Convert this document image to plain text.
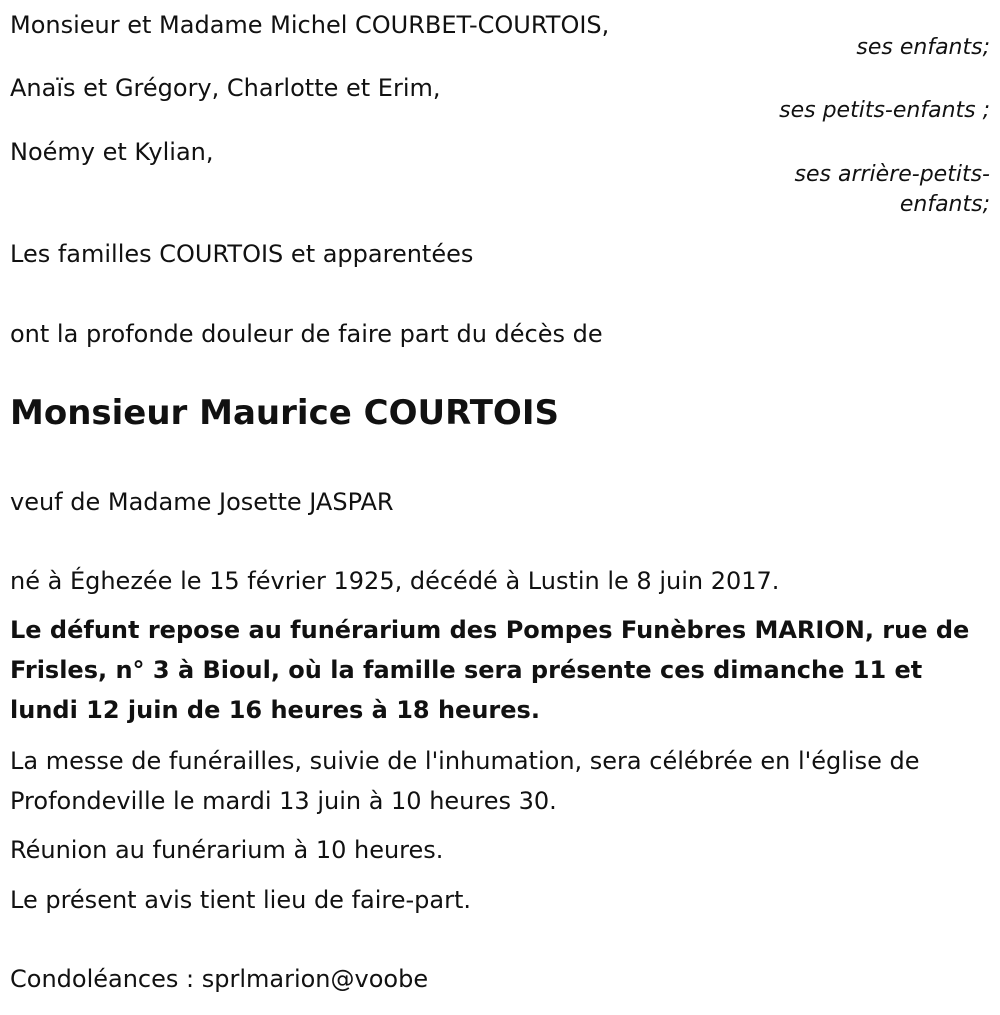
Monsieur et Madame Michel COURBET-COURTOIS,
ses enfants;
Anaïs et Grégory, Charlotte et Erim,
ses petits-enfants ;
Noémy et Kylian,
ses arrière-petits-enfants;
Les familles COURTOIS et apparentées
ont la profonde douleur de faire part du décès de
Monsieur Maurice COURTOIS
veuf de Madame Josette JASPAR
né à Éghezée le 15 février 1925, décédé à Lustin le 8 juin 2017.
Le défunt repose au funérarium des Pompes Funèbres MARION, rue de Frisles, n° 3 à Bioul, où la famille sera présente ces dimanche 11 et lundi 12 juin de 16 heures à 18 heures.
La messe de funérailles, suivie de l'inhumation, sera célébrée en l'église de Profondeville le mardi 13 juin à 10 heures 30.
Réunion au funérarium à 10 heures.
Le présent avis tient lieu de faire-part.
Condoléances : sprlmarion@voobe
